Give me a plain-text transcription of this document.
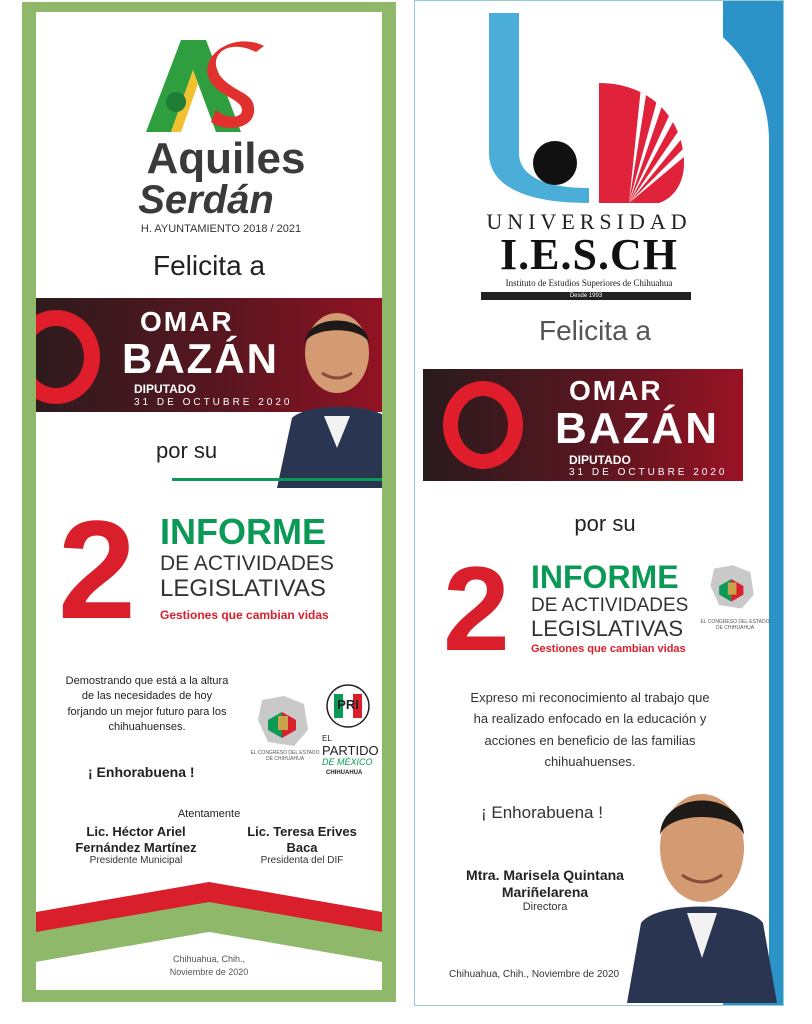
Aquiles
Serdán
H. AYUNTAMIENTO 2018 / 2021
Felicita a
OMAR
BAZÁN
DIPUTADO
31 DE OCTUBRE 2020
por su
2 INFORME
DE ACTIVIDADES
LEGISLATIVAS
Gestiones que cambian vidas
Demostrando que está a la altura de las necesidades de hoy forjando un mejor futuro para los chihuahuenses.
¡ Enhorabuena !
EL CONGRESO DEL ESTADO DE CHIHUAHUA
PRI
EL
PARTIDO
DE MÉXICO
CHIHUAHUA
Atentamente
Lic. Héctor Ariel
Fernández Martínez
Presidente Municipal
Lic. Teresa Erives
Baca
Presidenta del DIF
Chihuahua, Chih.,
Noviembre de 2020
UNIVERSIDAD
I.E.S.CH
Instituto de Estudios Superiores de Chihuahua
Desde 1993
Felicita a
OMAR
BAZÁN
DIPUTADO
31 DE OCTUBRE 2020
por su
2 INFORME
DE ACTIVIDADES
LEGISLATIVAS
Gestiones que cambian vidas
EL CONGRESO DEL ESTADO DE CHIHUAHUA
Expreso mi reconocimiento al trabajo que ha realizado enfocado en la educación y acciones en beneficio de las familias chihuahuenses.
¡ Enhorabuena !
Mtra. Marisela Quintana
Mariñelarena
Directora
Chihuahua, Chih., Noviembre de 2020
